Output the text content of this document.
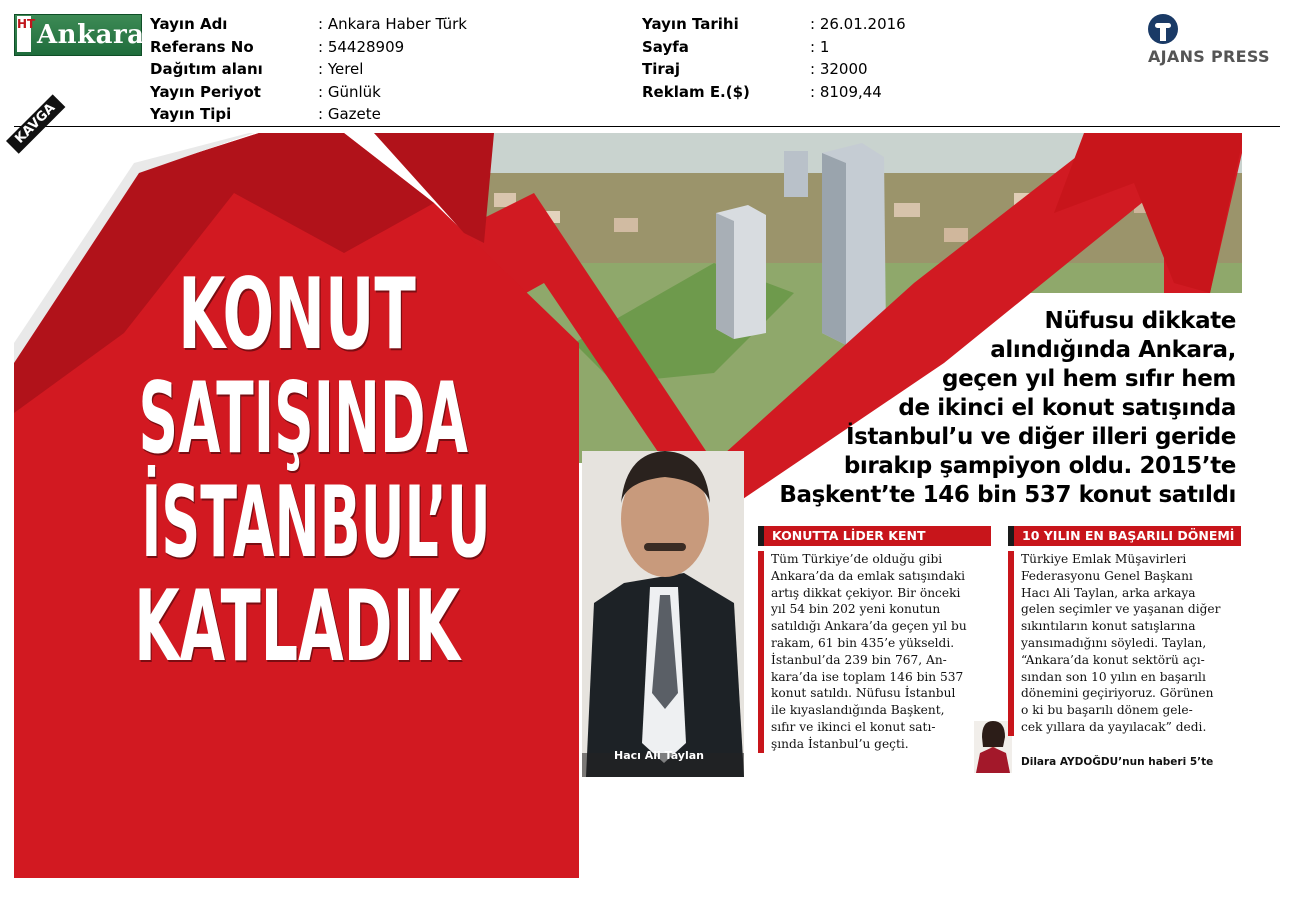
HT Ankara Yayın Adı	: Ankara Haber Türk
Referans No	: 54428909
Dağıtım alanı	: Yerel
Yayın Periyot	: Günlük
Yayın Tipi	: Gazete
Yayın Tarihi	: 26.01.2016
Sayfa	: 1
Tiraj	: 32000
Reklam E.($)	: 8109,44
AJANS PRESS
KAVGA
KONUT
SATIŞINDA
İSTANBUL’U
KATLADIK
Nüfusu dikkate
alındığında Ankara,
geçen yıl hem sıfır hem
de ikinci el konut satışında
İstanbul’u ve diğer illeri geride
bırakıp şampiyon oldu. 2015’te
Başkent’te 146 bin 537 konut satıldı
Hacı Ali Taylan
KONUTTA LİDER KENT
Tüm Türkiye’de olduğu gibi
Ankara’da da emlak satışındaki
artış dikkat çekiyor. Bir önceki
yıl 54 bin 202 yeni konutun
satıldığı Ankara’da geçen yıl bu
rakam, 61 bin 435’e yükseldi.
İstanbul’da 239 bin 767, An-
kara’da ise toplam 146 bin 537
konut satıldı. Nüfusu İstanbul
ile kıyaslandığında Başkent,
sıfır ve ikinci el konut satı-
şında İstanbul’u geçti.
10 YILIN EN BAŞARILI DÖNEMİ
Türkiye Emlak Müşavirleri
Federasyonu Genel Başkanı
Hacı Ali Taylan, arka arkaya
gelen seçimler ve yaşanan diğer
sıkıntıların konut satışlarına
yansımadığını söyledi. Taylan,
“Ankara’da konut sektörü açı-
sından son 10 yılın en başarılı
dönemini geçiriyoruz. Görünen
o ki bu başarılı dönem gele-
cek yıllara da yayılacak” dedi.
Dilara AYDOĞDU’nun haberi 5’te
